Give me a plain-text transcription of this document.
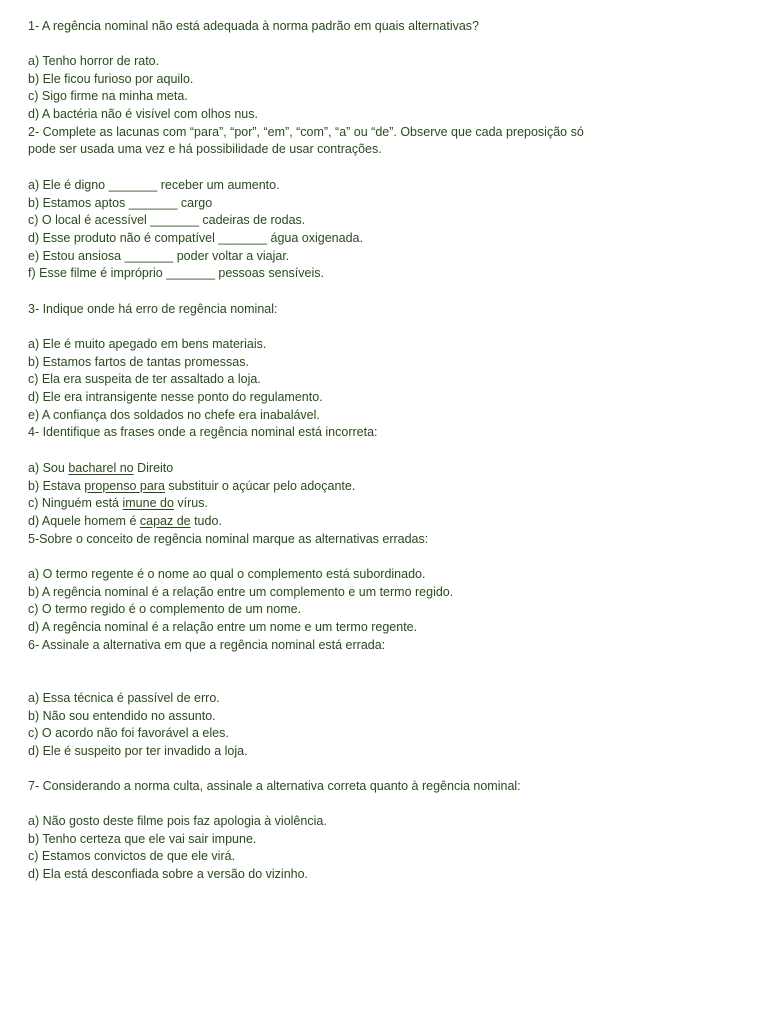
1- A regência nominal não está adequada à norma padrão em quais alternativas?
a) Tenho horror de rato.
b) Ele ficou furioso por aquilo.
c) Sigo firme na minha meta.
d) A bactéria não é visível com olhos nus.
2- Complete as lacunas com “para”, “por”, “em”, “com”, “a” ou “de”. Observe que cada preposição só
pode ser usada uma vez e há possibilidade de usar contrações.
a) Ele é digno _______ receber um aumento.
b) Estamos aptos _______ cargo
c) O local é acessível _______ cadeiras de rodas.
d) Esse produto não é compatível _______ água oxigenada.
e) Estou ansiosa _______ poder voltar a viajar.
f) Esse filme é impróprio _______ pessoas sensíveis.
3- Indique onde há erro de regência nominal:
a) Ele é muito apegado em bens materiais.
b) Estamos fartos de tantas promessas.
c) Ela era suspeita de ter assaltado a loja.
d) Ele era intransigente nesse ponto do regulamento.
e) A confiança dos soldados no chefe era inabalável.
4- Identifique as frases onde a regência nominal está incorreta:
a) Sou bacharel no Direito
b) Estava propenso para substituir o açúcar pelo adoçante.
c) Ninguém está imune do vírus.
d) Aquele homem é capaz de tudo.
5-Sobre o conceito de regência nominal marque as alternativas erradas:
a) O termo regente é o nome ao qual o complemento está subordinado.
b) A regência nominal é a relação entre um complemento e um termo regido.
c) O termo regido é o complemento de um nome.
d) A regência nominal é a relação entre um nome e um termo regente.
6- Assinale a alternativa em que a regência nominal está errada:
a) Essa técnica é passível de erro.
b) Não sou entendido no assunto.
c) O acordo não foi favorável a eles.
d) Ele é suspeito por ter invadido a loja.
7- Considerando a norma culta, assinale a alternativa correta quanto à regência nominal:
a) Não gosto deste filme pois faz apologia à violência.
b) Tenho certeza que ele vai sair impune.
c) Estamos convictos de que ele virá.
d) Ela está desconfiada sobre a versão do vizinho.
